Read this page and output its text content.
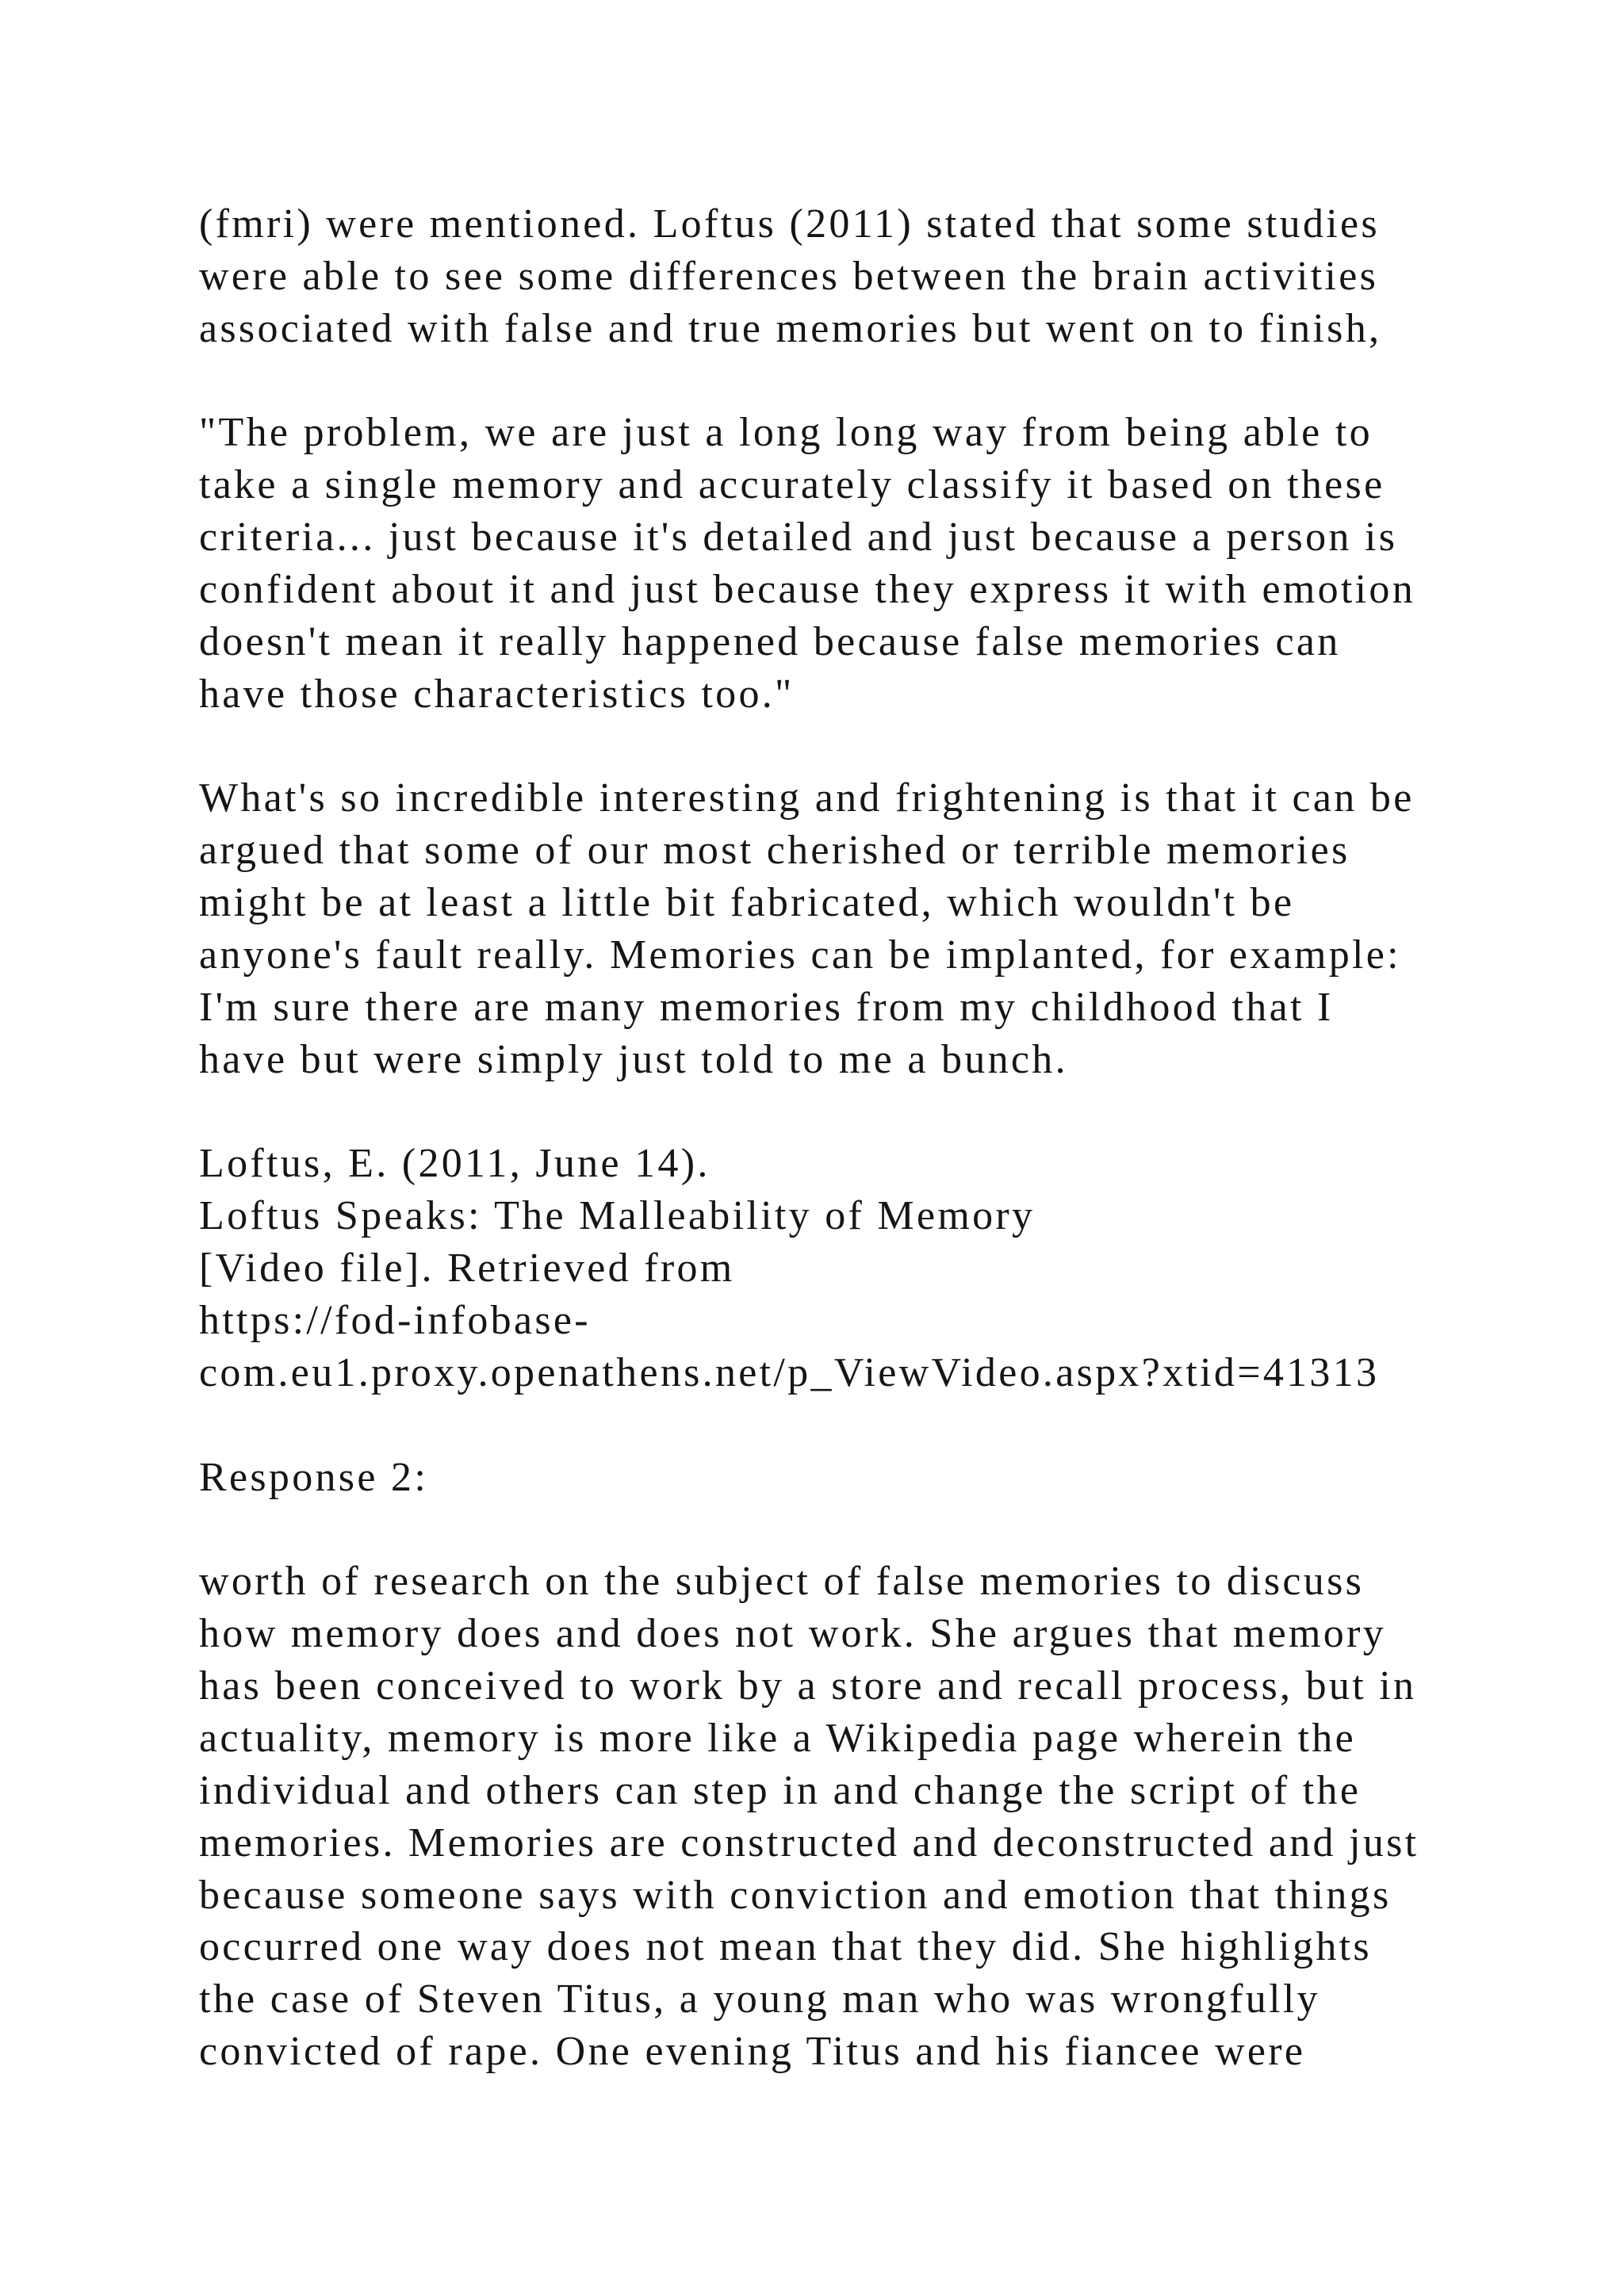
(fmri) were mentioned. Loftus (2011) stated that some studies
were able to see some differences between the brain activities
associated with false and true memories but went on to finish,
"The problem, we are just a long long way from being able to
take a single memory and accurately classify it based on these
criteria... just because it's detailed and just because a person is
confident about it and just because they express it with emotion
doesn't mean it really happened because false memories can
have those characteristics too."
What's so incredible interesting and frightening is that it can be
argued that some of our most cherished or terrible memories
might be at least a little bit fabricated, which wouldn't be
anyone's fault really. Memories can be implanted, for example:
I'm sure there are many memories from my childhood that I
have but were simply just told to me a bunch.
Loftus, E. (2011, June 14).
Loftus Speaks: The Malleability of Memory
[Video file]. Retrieved from
https://fod-infobase-
com.eu1.proxy.openathens.net/p_ViewVideo.aspx?xtid=41313
Response 2:
worth of research on the subject of false memories to discuss
how memory does and does not work. She argues that memory
has been conceived to work by a store and recall process, but in
actuality, memory is more like a Wikipedia page wherein the
individual and others can step in and change the script of the
memories. Memories are constructed and deconstructed and just
because someone says with conviction and emotion that things
occurred one way does not mean that they did. She highlights
the case of Steven Titus, a young man who was wrongfully
convicted of rape. One evening Titus and his fiancee were
